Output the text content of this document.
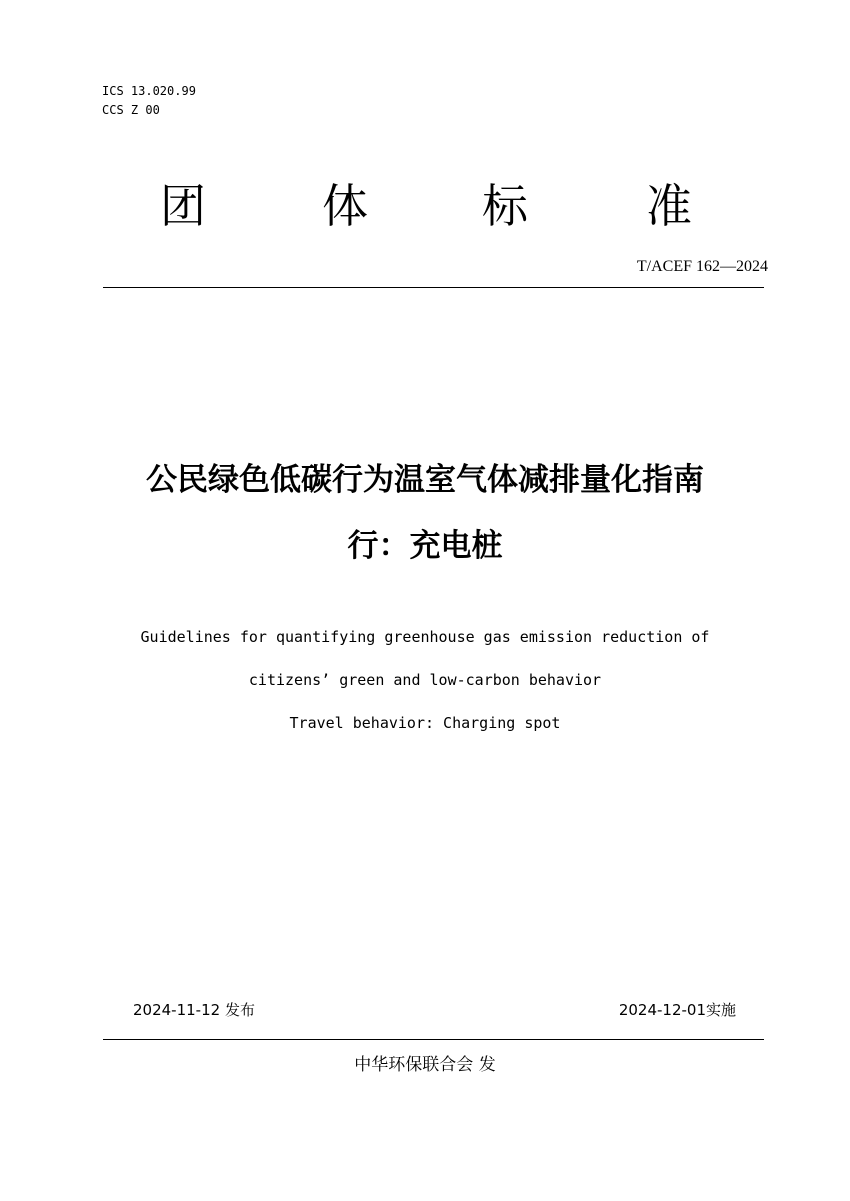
ICS 13.020.99
CCS Z 00
团	体 标	准
T/ACEF 162—2024
公民绿色低碳行为温室气体减排量化指南
行：充电桩
Guidelines for quantifying greenhouse gas emission reduction of
citizens’ green and low-carbon behavior
Travel behavior: Charging spot
2024-11-12 发布	2024-12-01实施
中华环保联合会 发
